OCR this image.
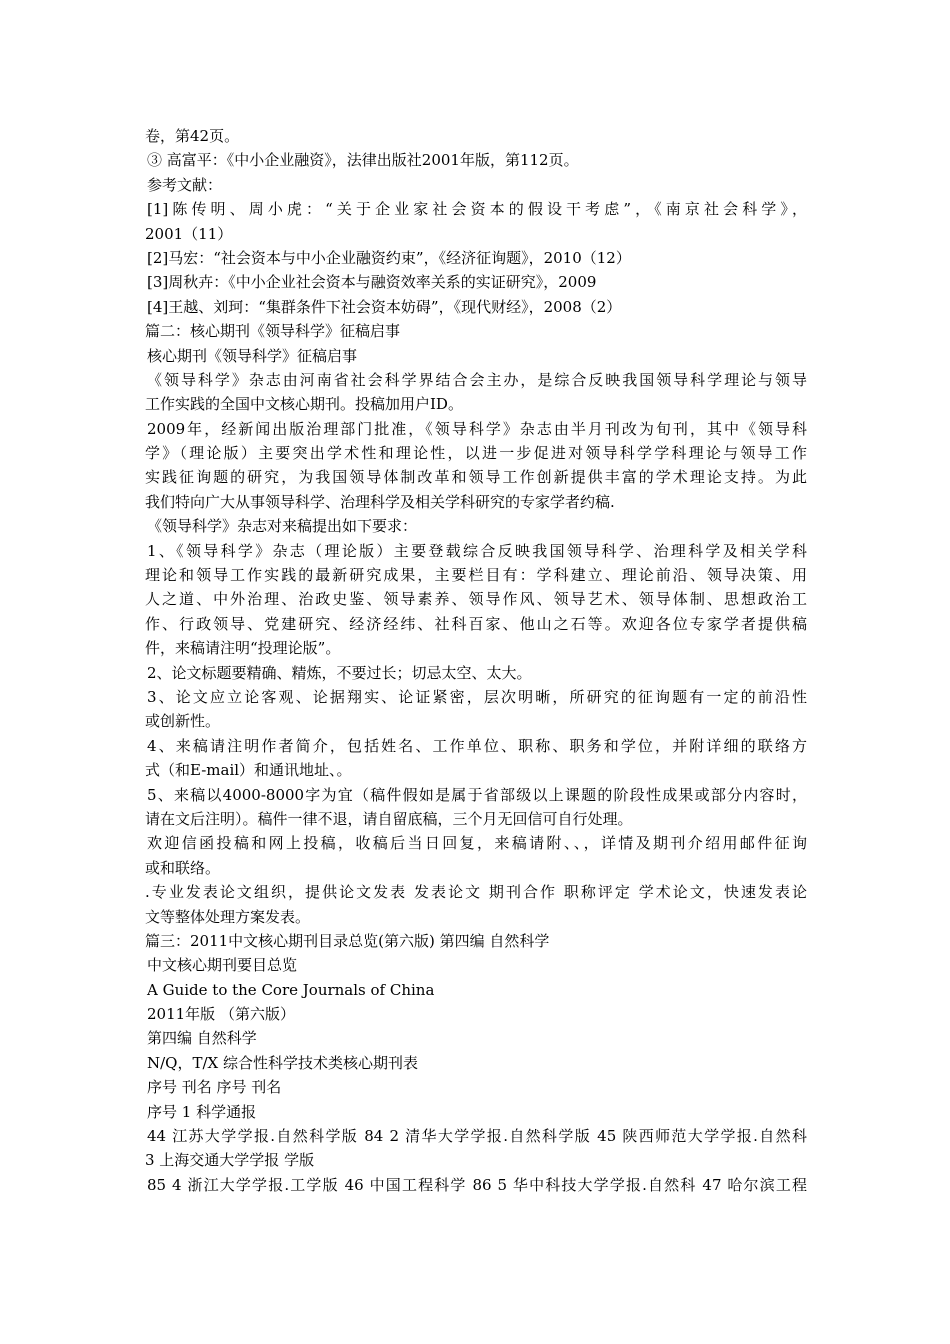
卷，第42页。
③ 高富平：《中小企业融资》，法律出版社2001年版，第112页。
参考文献：
[1]陈传明、周小虎：“关于企业家社会资本的假设干考虑”，《南京社会科学》，
2001（11）
[2]马宏：“社会资本与中小企业融资约束”，《经济征询题》，2010（12）
[3]周秋卉：《中小企业社会资本与融资效率关系的实证研究》，2009
[4]王越、刘珂：“集群条件下社会资本妨碍”，《现代财经》，2008（2）
篇二：核心期刊《领导科学》征稿启事
核心期刊《领导科学》征稿启事
《领导科学》杂志由河南省社会科学界结合会主办，是综合反映我国领导科学理论与领导
工作实践的全国中文核心期刊。投稿加用户ID。
2009年，经新闻出版治理部门批准，《领导科学》杂志由半月刊改为旬刊，其中《领导科
学》（理论版）主要突出学术性和理论性，以进一步促进对领导科学学科理论与领导工作
实践征询题的研究，为我国领导体制改革和领导工作创新提供丰富的学术理论支持。为此
我们特向广大从事领导科学、治理科学及相关学科研究的专家学者约稿.
《领导科学》杂志对来稿提出如下要求：
1、《领导科学》杂志（理论版）主要登载综合反映我国领导科学、治理科学及相关学科
理论和领导工作实践的最新研究成果，主要栏目有：学科建立、理论前沿、领导决策、用
人之道、中外治理、治政史鉴、领导素养、领导作风、领导艺术、领导体制、思想政治工
作、行政领导、党建研究、经济经纬、社科百家、他山之石等。欢迎各位专家学者提供稿
件，来稿请注明“投理论版”。
2、论文标题要精确、精炼，不要过长；切忌太空、太大。
3、论文应立论客观、论据翔实、论证紧密，层次明晰，所研究的征询题有一定的前沿性
或创新性。
4、来稿请注明作者简介，包括姓名、工作单位、职称、职务和学位，并附详细的联络方
式（和E-mail）和通讯地址、。
5、来稿以4000-8000字为宜（稿件假如是属于省部级以上课题的阶段性成果或部分内容时，
请在文后注明）。稿件一律不退，请自留底稿，三个月无回信可自行处理。
欢迎信函投稿和网上投稿，收稿后当日回复，来稿请附、、，详情及期刊介绍用邮件征询
或和联络。
.专业发表论文组织，提供论文发表 发表论文 期刊合作 职称评定 学术论文，快速发表论
文等整体处理方案发表。
篇三：2011中文核心期刊目录总览(第六版) 第四编 自然科学
中文核心期刊要目总览
A Guide to the Core Journals of China
2011年版 （第六版）
第四编 自然科学
N/Q，T/X 综合性科学技术类核心期刊表
序号 刊名 序号 刊名
序号 1 科学通报
44 江苏大学学报.自然科学版 84 2 清华大学学报.自然科学版 45 陕西师范大学学报.自然科
3 上海交通大学学报 学版
85 4 浙江大学学报.工学版 46 中国工程科学 86 5 华中科技大学学报.自然科 47 哈尔滨工程
